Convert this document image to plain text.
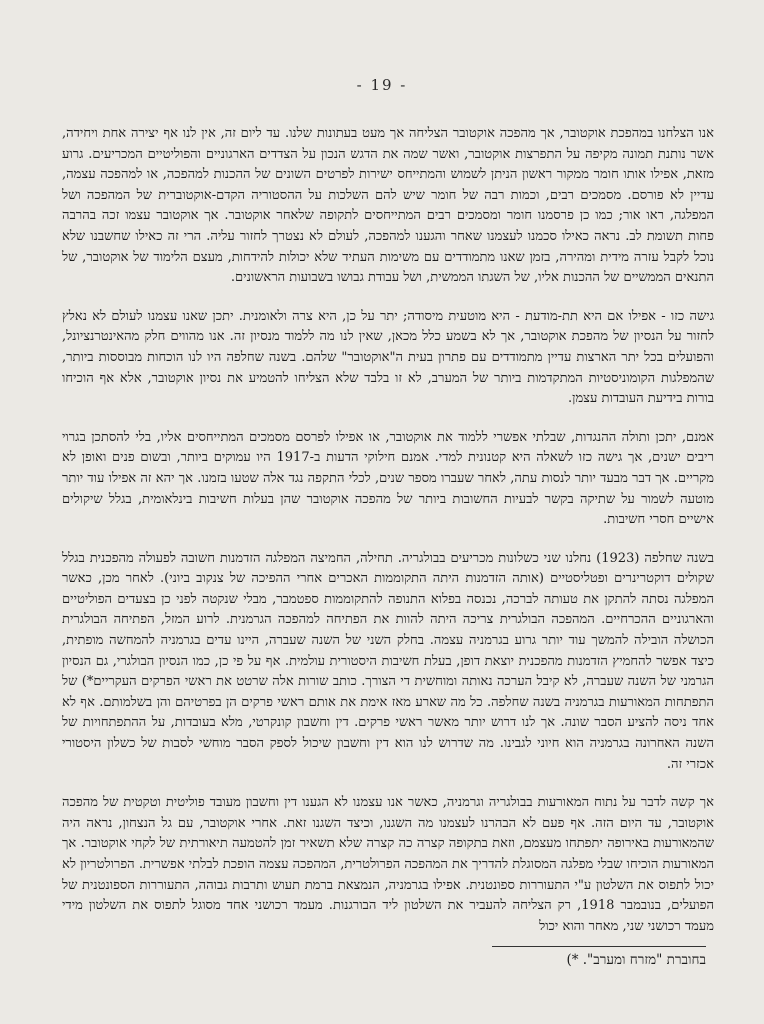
- 19 -

אנו הצלחנו במהפכת אוקטובר, אך מהפכה אוקטובר הצליחה אך מעט בעתונות שלנו. עד ליום זה, אין לנו אף יצירה אחת ויחידה, אשר נותנת תמונה מקיפה על התפרצות אוקטובר, ואשר שמה את הדגש הנכון על הצדדים הארגוניים והפוליטיים המכריעים. גרוע מזאת, אפילו אותו חומר ממקור ראשון הניתן לשמוש והמתייחס ישירות לפרטים השונים של ההכנות למהפכה, או למהפכה עצמה, עדיין לא פורסם. מסמכים רבים, וכמות רבה של חומר שיש להם השלכות על ההסטוריה הקדם-אוקטוברית של המהפכה ושל המפלגה, ראו אור; כמו כן פרסמנו חומר ומסמכים רבים המתייחסים לתקופה שלאחר אוקטובר. אך אוקטובר עצמו זכה בהרבה פחות תשומת לב. נראה כאילו סכמנו לעצמנו שאחר והגענו למהפכה, לעולם לא נצטרך לחזור עליה. הרי זה כאילו שחשבנו שלא נוכל לקבל עזרה מידית ומהירה, בזמן שאנו מתמודדים עם משימות העתיד שלא יכולות להידחות, מעצם הלימוד של אוקטובר, של התנאים הממשיים של ההכנות אליו, של השגתו הממשית, ושל עבודת גבושו בשבועות הראשונים.

גישה כזו - אפילו אם היא תת-מודעת - היא מוטעית מיסודה; יתר על כן, היא צרה ולאומנית. יתכן שאנו עצמנו לעולם לא נאלץ לחזור על הנסיון של מהפכת אוקטובר, אך לא בשמע כלל מכאן, שאין לנו מה ללמוד מנסיון זה. אנו מהווים חלק מהאינטרנציונל, והפועלים בכל יתר הארצות עדיין מתמודדים עם פתרון בעית ה"אוקטובר" שלהם. בשנה שחלפה היו לנו הוכחות מבוססות ביותר, שהמפלגות הקומוניסטיות המתקדמות ביותר של המערב, לא זו בלבד שלא הצליחו להטמיע את נסיון אוקטובר, אלא אף הוכיחו בורות בידיעת העובדות עצמן.

אמנם, יתכן ותולה ההנגדות, שבלתי אפשרי ללמוד את אוקטובר, או אפילו לפרסם מסמכים המתייחסים אליו, בלי להסתכן בגרוי ריבים ישנים, אך גישה כזו לשאלה היא קטנונית למדי. אמנם חילוקי הדעות ב-1917 היו עמוקים ביותר, ובשום פנים ואופן לא מקריים. אך דבר מבעד יותר לנסות עתה, לאחר שעברו מספר שנים, לכלי התקפה נגד אלה שטעו בזמנו. אך יהא זה אפילו עוד יותר מוטעה לשמור על שתיקה בקשר לבעיות החשובות ביותר של מהפכה אוקטובר שהן בעלות חשיבות בינלאומית, בגלל שיקולים אישיים חסרי חשיבות.

בשנה שחלפה (1923) נחלנו שני כשלונות מכריעים בבולגריה. תחילה, החמיצה המפלגה הזדמנות חשובה לפעולה מהפכנית בגלל שקולים דוקטרינרים ופטליסטיים (אותה הזדמנות היתה התקוממות האכרים אחרי ההפיכה של צנקוב ביוני). לאחר מכן, כאשר המפלגה נסתה להתקן את טעותה לברכה, נכנסה בפלוא התנופה להתקוממות ספטמבר, מבלי שנקטה לפני כן בצעדים הפוליטיים והארגוניים ההכרחיים. המהפכה הבולגרית צריכה היתה להוות את הפתיחה למהפכה הגרמנית. לרוע המזל, הפתיחה הבולגרית הכושלה הובילה להמשך עוד יותר גרוע בגרמניה עצמה. בחלק השני של השנה שעברה, היינו עדים בגרמניה להמחשה מופתית, כיצד אפשר להחמיץ הזדמנות מהפכנית יוצאת דופן, בעלת חשיבות היסטורית עולמית. אף על פי כן, כמו הנסיון הבולגרי, גם הנסיון הגרמני של השנה שעברה, לא קיבל הערכה נאותה ומוחשית די הצורך. כותב שורות אלה שרטט את ראשי הפרקים העקריים*) של התפתחות המאורעות בגרמניה בשנה שחלפה. כל מה שארע מאז אימת את אותם ראשי פרקים הן בפרטיהם והן בשלמותם. אף לא אחד ניסה להציע הסבר שונה. אך לנו דרוש יותר מאשר ראשי פרקים. דין וחשבון קונקרטי, מלא בעובדות, על ההתפתחויות של השנה האחרונה בגרמניה הוא חיוני לגבינו. מה שדרוש לנו הוא דין וחשבון שיכול לספק הסבר מוחשי לסבות של כשלון היסטורי אכזרי זה.

אך קשה לדבר על נתוח המאורעות בבולגריה וגרמניה, כאשר אנו עצמנו לא הגענו דין וחשבון מעובד פוליטית וטקטית של מהפכה אוקטובר, עד היום הזה. אף פעם לא הבהרנו לעצמנו מה השגנו, וכיצד השגנו זאת. אחרי אוקטובר, עם גל הנצחון, נראה היה שהמאורעות באירופה יתפתחו מעצמם, וזאת בתקופה קצרה כה קצרה שלא תשאיר זמן להטמעה תיאורתית של לקחי אוקטובר. אך המאורעות הוכיחו שבלי מפלגה המסוגלת להדריך את המהפכה הפרולטרית, המהפכה עצמה הופכת לבלתי אפשרית. הפרולטריון לא יכול לתפוס את השלטון ע"י התעוררות ספונטנית. אפילו בגרמניה, הנמצאת ברמת תעוש ותרבות גבוהה, התעוררות הספונטנית של הפועלים, בנובמבר 1918, רק הצליחה להעביר את השלטון ליד הבורגנות. מעמד רכושני אחד מסוגל לתפוס את השלטון מידי מעמד רכושני שני, מאחר והוא יכול

בחוברת "מזרח ומערב". *)
